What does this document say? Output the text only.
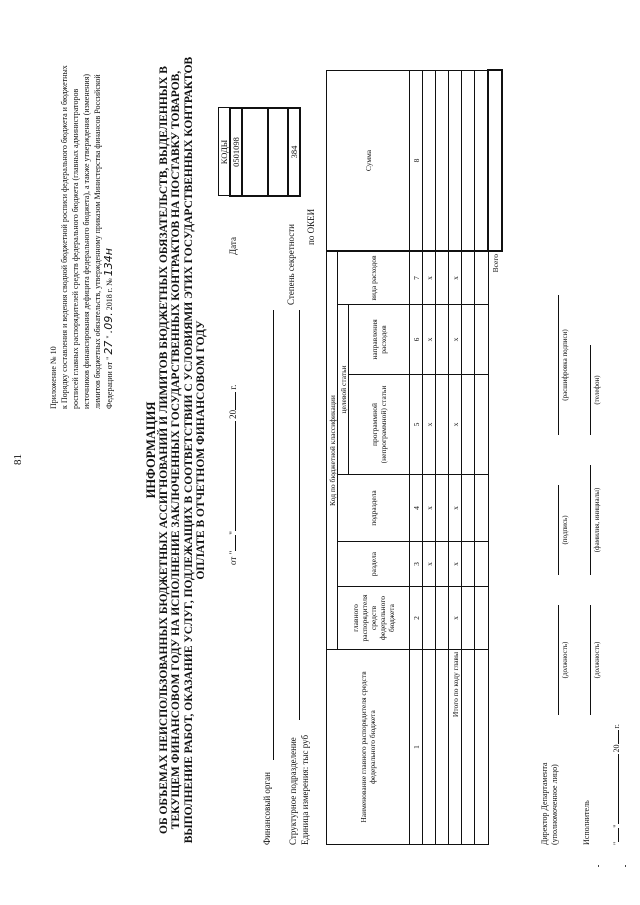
81
Приложение № 10 к Порядку составления и ведения сводной бюджетной росписи федерального бюджета и бюджетных росписей главных распорядителей средств федерального бюджета (главных администраторов источников финансирования дефицита федерального бюджета), а также утверждения (изменения) лимитов бюджетных обязательств, утвержденному приказом Министерства финансов Российской Федерации от " 27 " .09. 2018 г. № 134н
ИНФОРМАЦИЯ ОБ ОБЪЕМАХ НЕИСПОЛЬЗОВАННЫХ БЮДЖЕТНЫХ АССИГНОВАНИЙ И ЛИМИТОВ БЮДЖЕТНЫХ ОБЯЗАТЕЛЬСТВ, ВЫДЕЛЕННЫХ В ТЕКУЩЕМ ФИНАНСОВОМ ГОДУ НА ИСПОЛНЕНИЕ ЗАКЛЮЧЕННЫХ ГОСУДАРСТВЕННЫХ КОНТРАКТОВ НА ПОСТАВКУ ТОВАРОВ, ВЫПОЛНЕНИЕ РАБОТ, ОКАЗАНИЕ УСЛУГ, ПОДЛЕЖАЩИХ В СООТВЕТСТВИИ С УСЛОВИЯМИ ЭТИХ ГОСУДАРСТВЕННЫХ КОНТРАКТОВ ОПЛАТЕ В ОТЧЕТНОМ ФИНАНСОВОМ ГОДУ от "" 20 г.
Дата
Финансовый орган Структурное подразделение
Степень секретности
Единица измерения: тыс руб
по ОКЕИ
КОДЫ
0501098

384
Наименование главного распорядителя средств федерального бюджета	Код по бюджетной классификации						Сумма
	главного распорядителя средств федерального бюджета	раздела	подраздела	целевой статьи		вида расходов	
				программной (непрограммной) статьи	направления расходов		
1	2	3	4	5	6	7	8
		x	x	x	x	x	

Итого по коду главы	x	x	x	x	x	x	

						Всего	
Директор Департамента (уполномоченное лицо)
(должность)
(подпись)
(расшифровка подписи)
Исполнитель
(должность)
(фамилия, инициалы)
(телефон)
"" 20 г.
